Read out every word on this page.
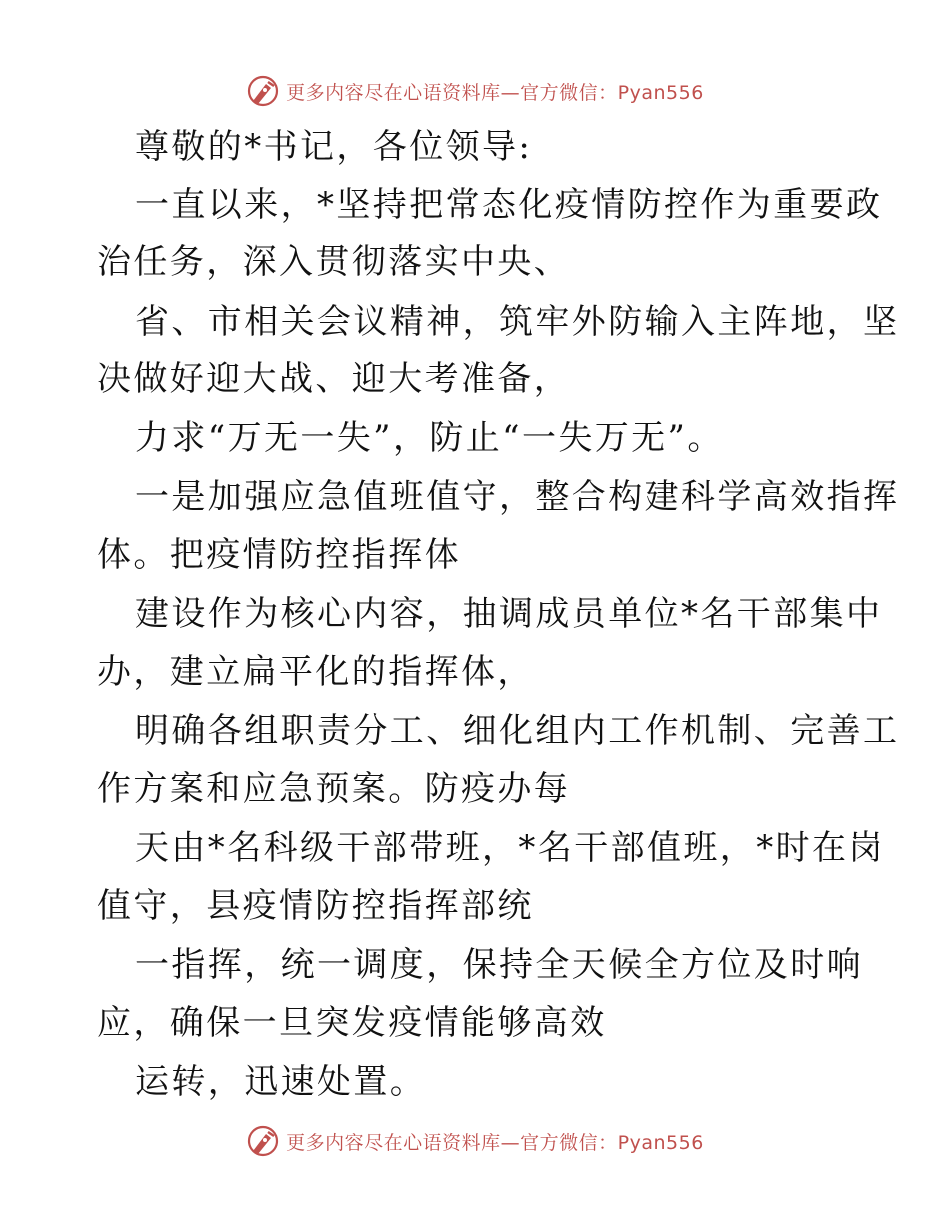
更多内容尽在心语资料库—官方微信：Pyan556
尊敬的*书记，各位领导:
一直以来，*坚持把常态化疫情防控作为重要政
治任务，深入贯彻落实中央、
省、市相关会议精神，筑牢外防输入主阵地，坚
决做好迎大战、迎大考准备，
力求“万无一失”，防止“一失万无”。
一是加强应急值班值守，整合构建科学高效指挥
体。把疫情防控指挥体
建设作为核心内容，抽调成员单位*名干部集中
办，建立扁平化的指挥体，
明确各组职责分工、细化组内工作机制、完善工
作方案和应急预案。防疫办每
天由*名科级干部带班，*名干部值班，*时在岗
值守，县疫情防控指挥部统
一指挥，统一调度，保持全天候全方位及时响
应，确保一旦突发疫情能够高效
运转，迅速处置。
更多内容尽在心语资料库—官方微信：Pyan556
